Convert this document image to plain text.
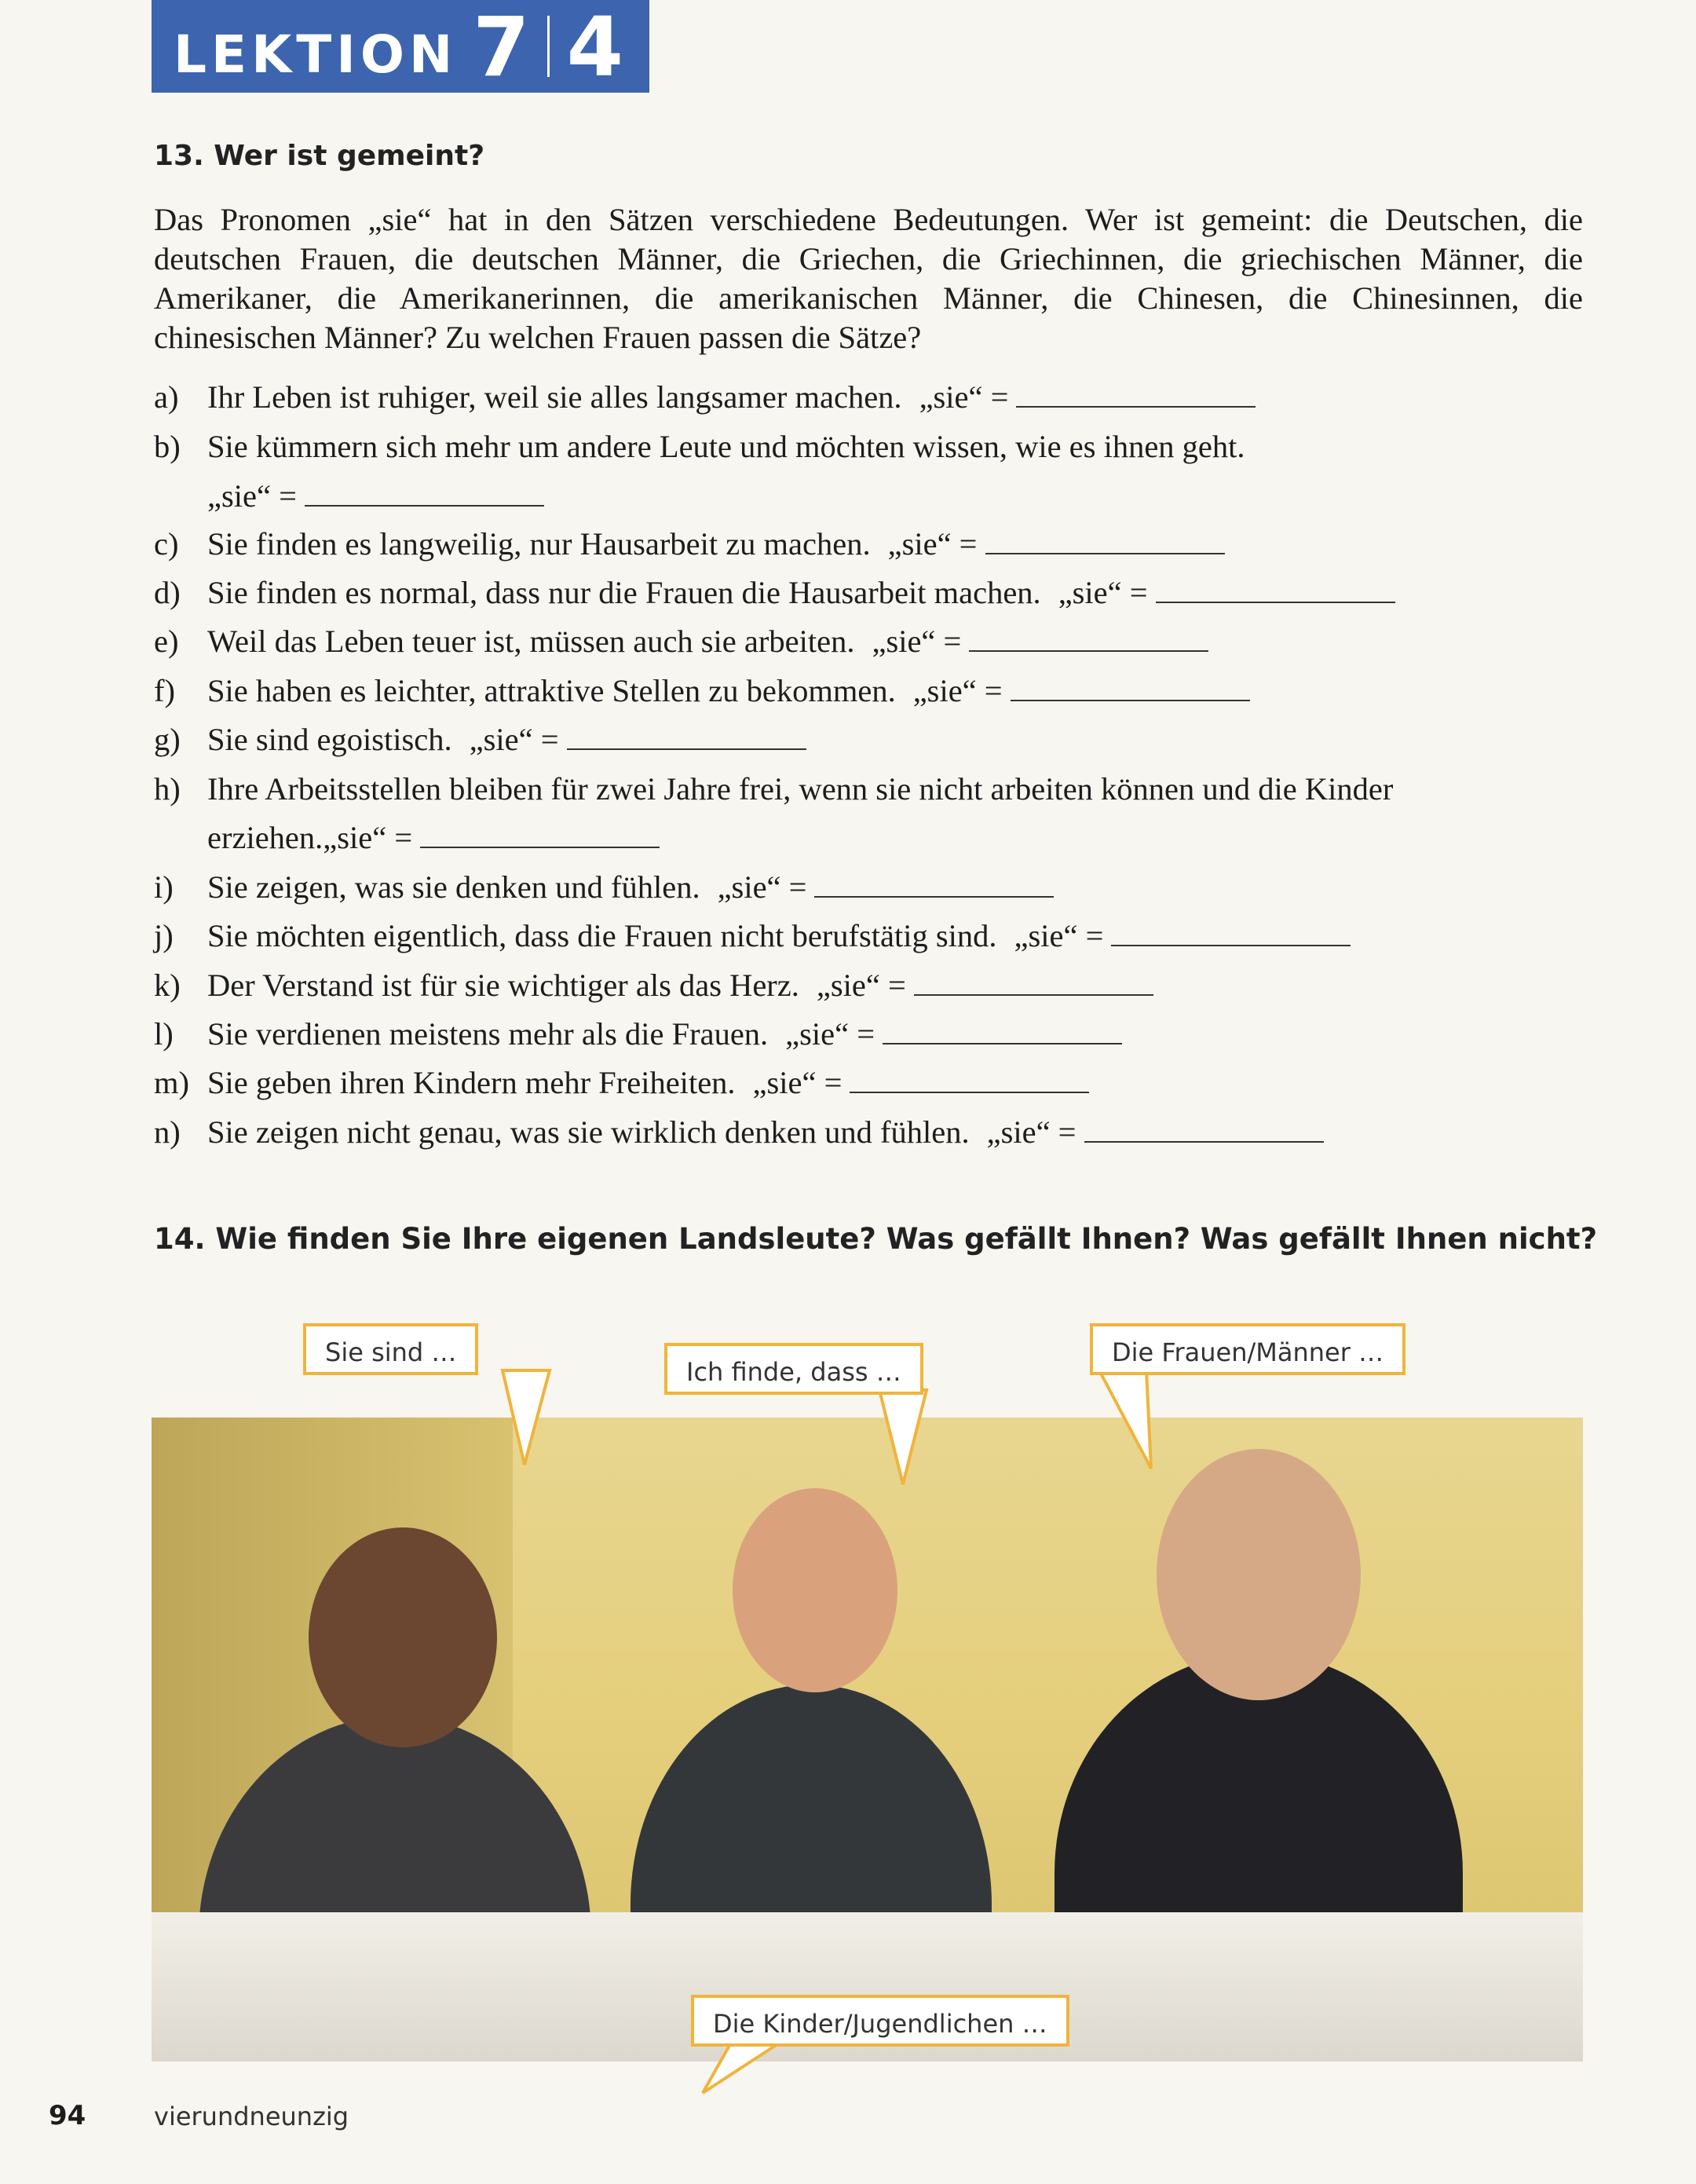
LEKTION 7 4
13. Wer ist gemeint?
Das Pronomen „sie“ hat in den Sätzen verschiedene Bedeutungen. Wer ist gemeint: die Deutschen, die deutschen Frauen, die deutschen Männer, die Griechen, die Griechinnen, die griechischen Männer, die Amerikaner, die Amerikanerinnen, die amerikanischen Männer, die Chinesen, die Chinesinnen, die chinesischen Männer? Zu welchen Frauen passen die Sätze?
a) Ihr Leben ist ruhiger, weil sie alles langsamer machen. „sie“ =
b) Sie kümmern sich mehr um andere Leute und möchten wissen, wie es ihnen geht.
„sie“ =
c) Sie finden es langweilig, nur Hausarbeit zu machen. „sie“ =
d) Sie finden es normal, dass nur die Frauen die Hausarbeit machen. „sie“ =
e) Weil das Leben teuer ist, müssen auch sie arbeiten. „sie“ =
f) Sie haben es leichter, attraktive Stellen zu bekommen. „sie“ =
g) Sie sind egoistisch. „sie“ =
h) Ihre Arbeitsstellen bleiben für zwei Jahre frei, wenn sie nicht arbeiten können und die Kinder
erziehen.„sie“ =
i) Sie zeigen, was sie denken und fühlen. „sie“ =
j) Sie möchten eigentlich, dass die Frauen nicht berufstätig sind. „sie“ =
k) Der Verstand ist für sie wichtiger als das Herz. „sie“ =
l) Sie verdienen meistens mehr als die Frauen. „sie“ =
m) Sie geben ihren Kindern mehr Freiheiten. „sie“ =
n) Sie zeigen nicht genau, was sie wirklich denken und fühlen. „sie“ =
14. Wie finden Sie Ihre eigenen Landsleute? Was gefällt Ihnen? Was gefällt Ihnen nicht?
Sie sind …
Ich finde, dass …
Die Frauen/Männer …
Die Kinder/Jugendlichen …
94	vierundneunzig
